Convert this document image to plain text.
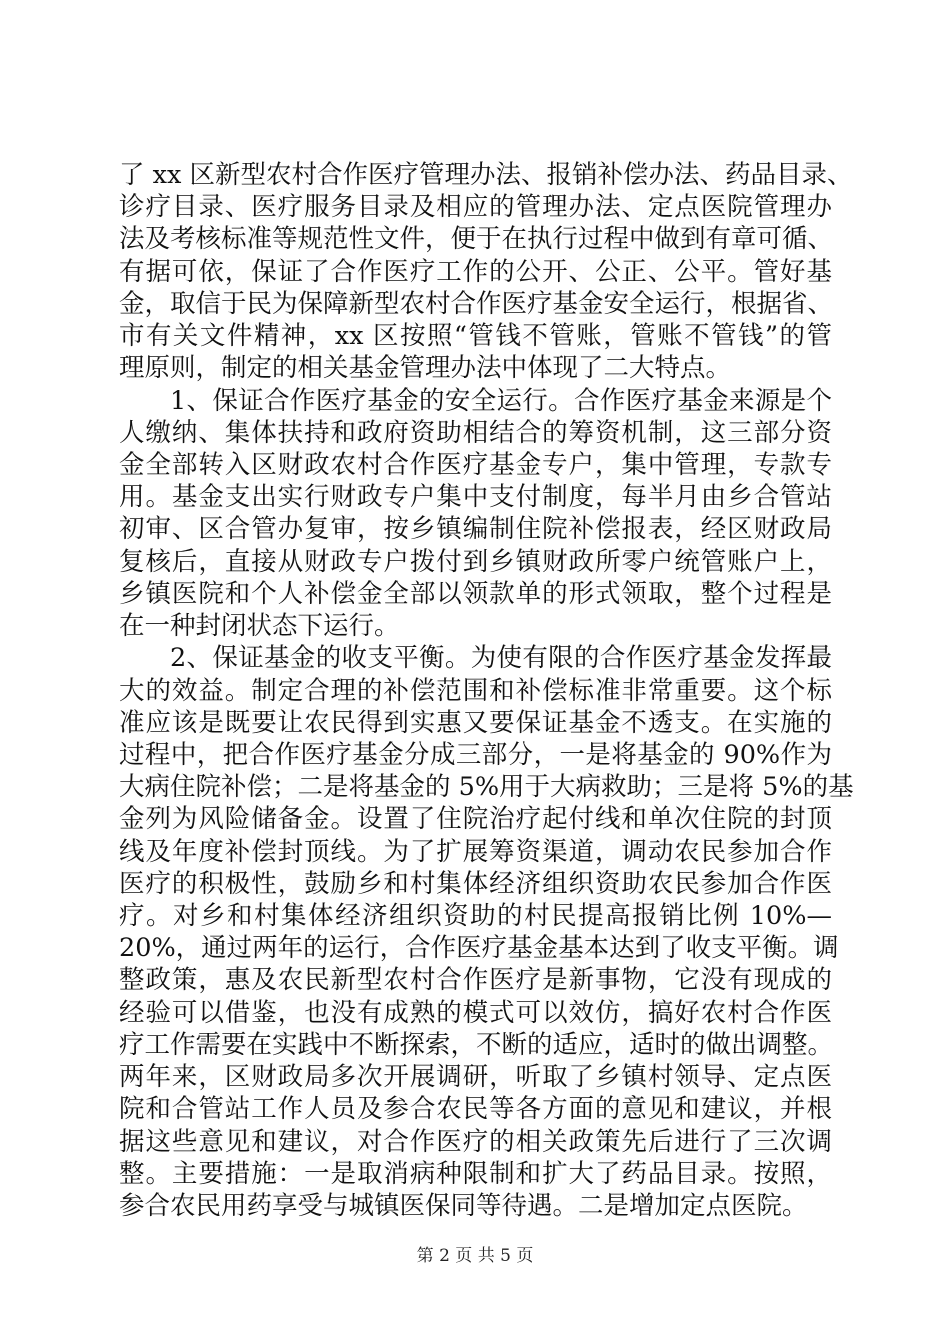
了 xx 区新型农村合作医疗管理办法、报销补偿办法、药品目录、
诊疗目录、医疗服务目录及相应的管理办法、定点医院管理办
法及考核标准等规范性文件，便于在执行过程中做到有章可循、
有据可依，保证了合作医疗工作的公开、公正、公平。管好基
金，取信于民为保障新型农村合作医疗基金安全运行，根据省、
市有关文件精神，xx 区按照“管钱不管账，管账不管钱”的管
理原则，制定的相关基金管理办法中体现了二大特点。
1、保证合作医疗基金的安全运行。合作医疗基金来源是个
人缴纳、集体扶持和政府资助相结合的筹资机制，这三部分资
金全部转入区财政农村合作医疗基金专户，集中管理，专款专
用。基金支出实行财政专户集中支付制度，每半月由乡合管站
初审、区合管办复审，按乡镇编制住院补偿报表，经区财政局
复核后，直接从财政专户拨付到乡镇财政所零户统管账户上，
乡镇医院和个人补偿金全部以领款单的形式领取，整个过程是
在一种封闭状态下运行。
2、保证基金的收支平衡。为使有限的合作医疗基金发挥最
大的效益。制定合理的补偿范围和补偿标准非常重要。这个标
准应该是既要让农民得到实惠又要保证基金不透支。在实施的
过程中，把合作医疗基金分成三部分，一是将基金的 90%作为
大病住院补偿；二是将基金的 5%用于大病救助；三是将 5%的基
金列为风险储备金。设置了住院治疗起付线和单次住院的封顶
线及年度补偿封顶线。为了扩展筹资渠道，调动农民参加合作
医疗的积极性，鼓励乡和村集体经济组织资助农民参加合作医
疗。对乡和村集体经济组织资助的村民提高报销比例 10%—
20%，通过两年的运行，合作医疗基金基本达到了收支平衡。调
整政策，惠及农民新型农村合作医疗是新事物，它没有现成的
经验可以借鉴，也没有成熟的模式可以效仿，搞好农村合作医
疗工作需要在实践中不断探索，不断的适应，适时的做出调整。
两年来，区财政局多次开展调研，听取了乡镇村领导、定点医
院和合管站工作人员及参合农民等各方面的意见和建议，并根
据这些意见和建议，对合作医疗的相关政策先后进行了三次调
整。主要措施：一是取消病种限制和扩大了药品目录。按照，
参合农民用药享受与城镇医保同等待遇。二是增加定点医院。
第 2 页 共 5 页
